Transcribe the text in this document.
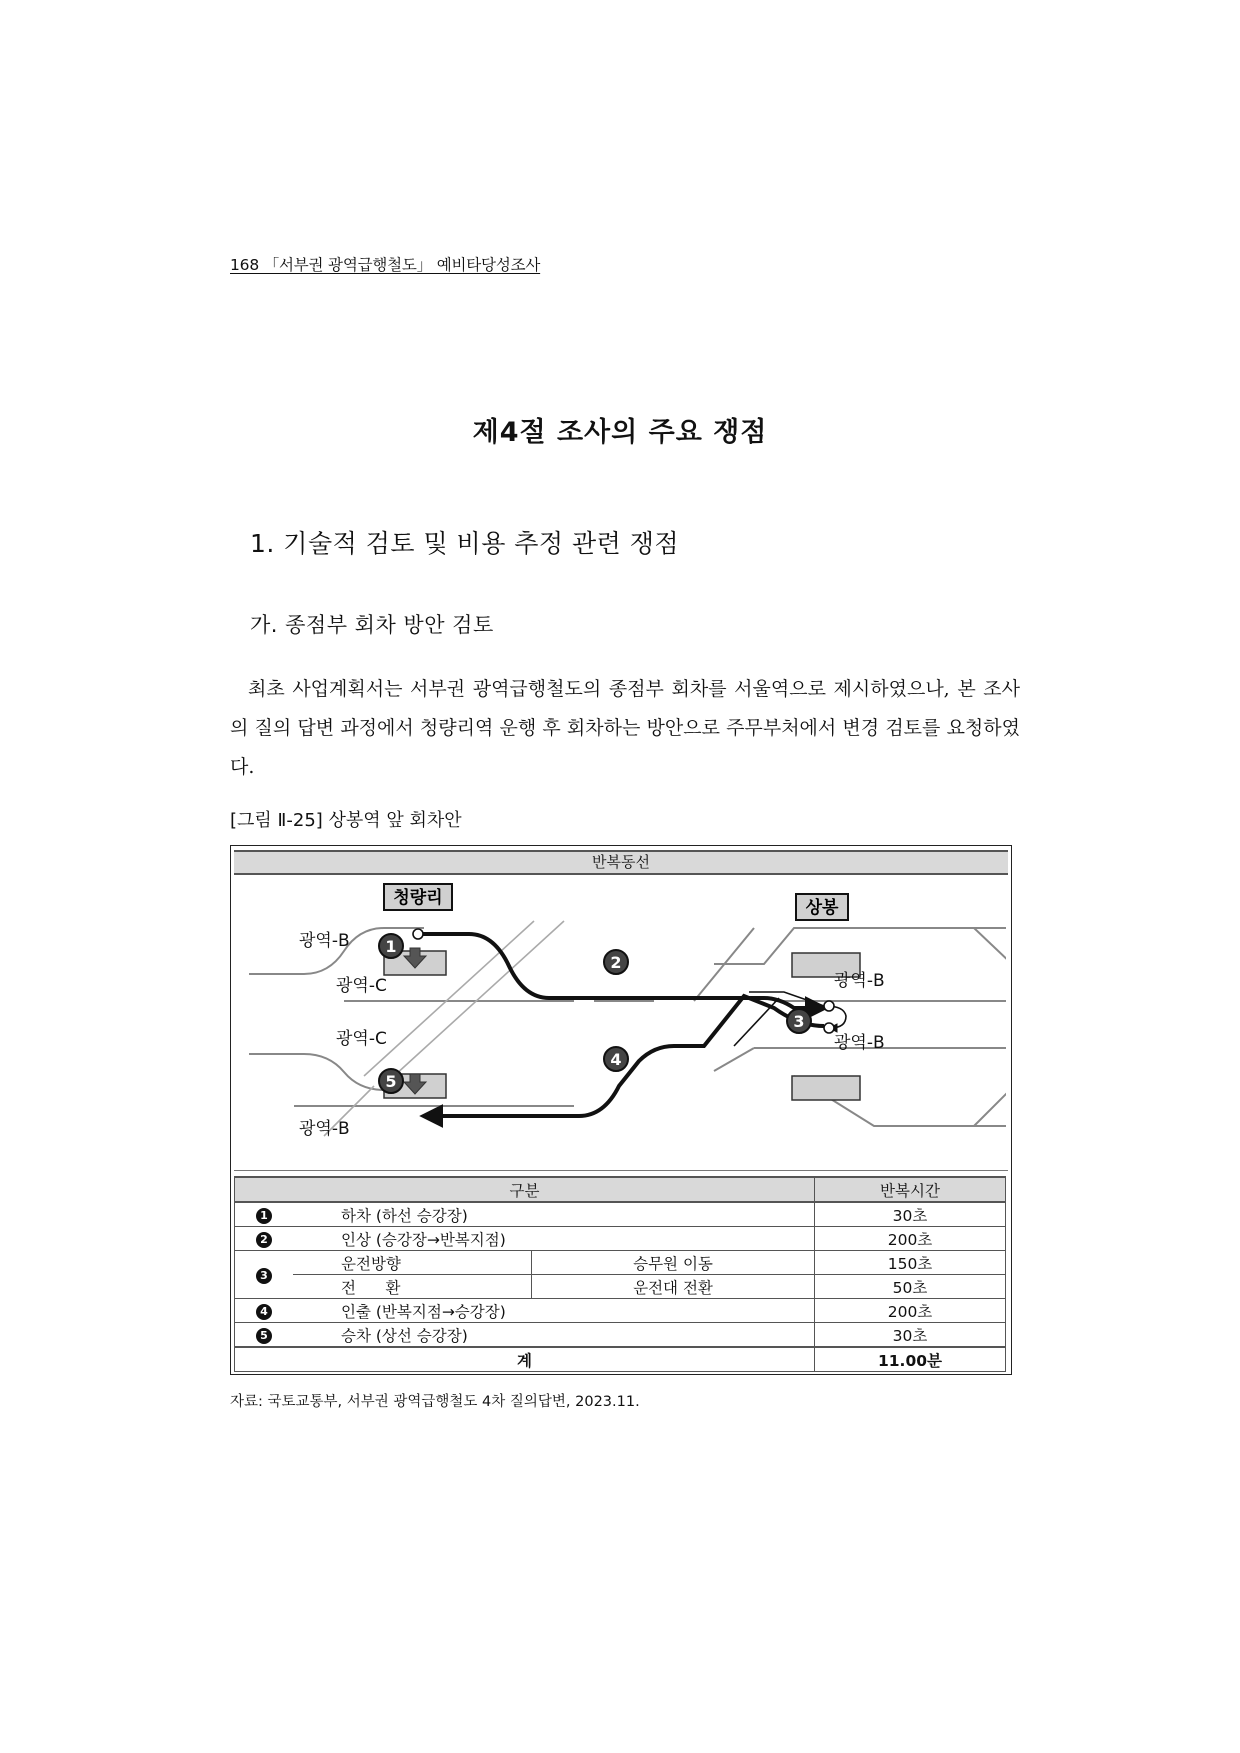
168 「서부권 광역급행철도」 예비타당성조사
제4절 조사의 주요 쟁점
1. 기술적 검토 및 비용 추정 관련 쟁점
가. 종점부 회차 방안 검토
최초 사업계획서는 서부권 광역급행철도의 종점부 회차를 서울역으로 제시하였으나, 본 조사의 질의 답변 과정에서 청량리역 운행 후 회차하는 방안으로 주무부처에서 변경 검토를 요청하였다.
[그림 Ⅱ-25] 상봉역 앞 회차안
반복동선
1
2
3
4
5
청량리	상봉
광역-B
광역-C
광역-C
광역-B
광역-B
광역-B
구분			반복시간
1	하차 (하선 승강장)		30초
2	인상 (승강장→반복지점)		200초
3	운전방향	승무원 이동	150초
	전      환	운전대 전환	50초
4	인출 (반복지점→승강장)		200초
5	승차 (상선 승강장)		30초
계			11.00분
자료: 국토교통부, 서부권 광역급행철도 4차 질의답변, 2023.11.
